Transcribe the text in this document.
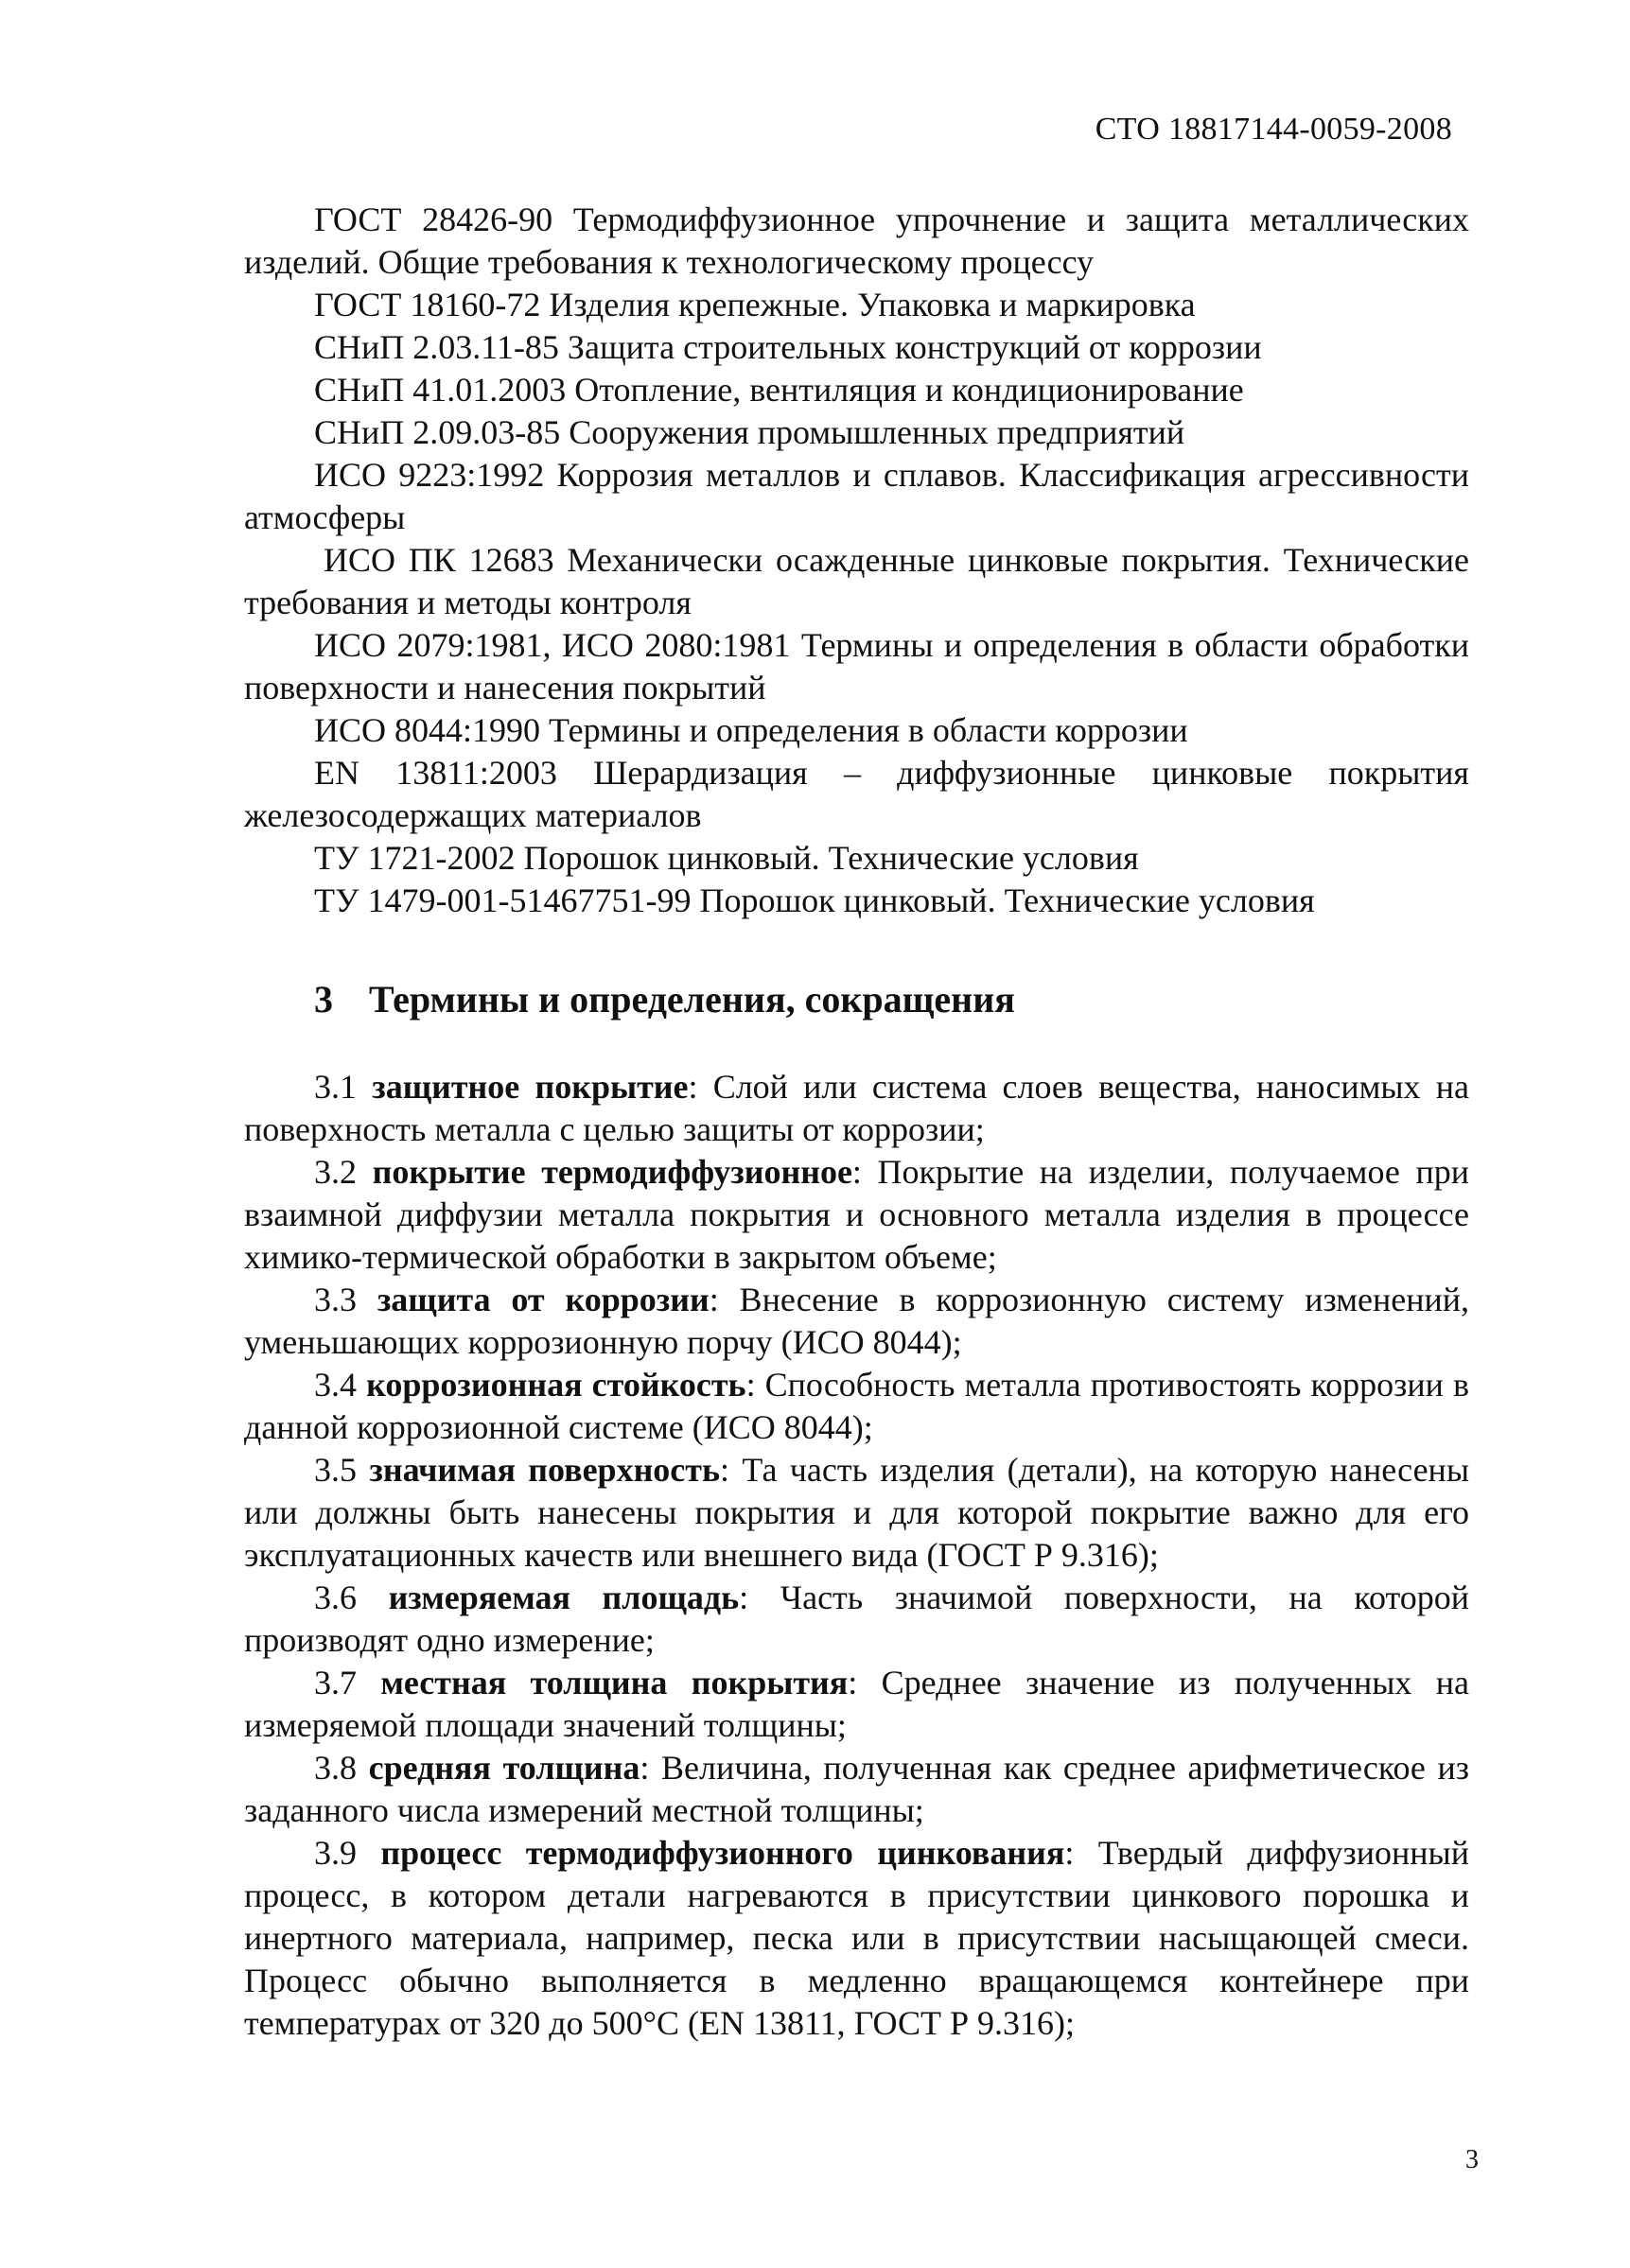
СТО 18817144-0059-2008

ГОСТ 28426-90 Термодиффузионное упрочнение и защита металлических изделий. Общие требования к технологическому процессу

ГОСТ 18160-72 Изделия крепежные. Упаковка и маркировка

СНиП 2.03.11-85 Защита строительных конструкций от коррозии

СНиП 41.01.2003 Отопление, вентиляция и кондиционирование

СНиП 2.09.03-85 Сооружения промышленных предприятий

ИСО 9223:1992 Коррозия металлов и сплавов. Классификация агрессивности атмосферы

ИСО ПК 12683 Механически осажденные цинковые покрытия. Технические требования и методы контроля

ИСО 2079:1981, ИСО 2080:1981 Термины и определения в области обработки поверхности и нанесения покрытий

ИСО 8044:1990 Термины и определения в области коррозии

EN 13811:2003 Шерардизация – диффузионные цинковые покрытия железосодержащих материалов

ТУ 1721-2002 Порошок цинковый. Технические условия

ТУ 1479-001-51467751-99 Порошок цинковый. Технические условия

3 Термины и определения, сокращения

3.1 защитное покрытие: Слой или система слоев вещества, наносимых на поверхность металла с целью защиты от коррозии;

3.2 покрытие термодиффузионное: Покрытие на изделии, получаемое при взаимной диффузии металла покрытия и основного металла изделия в процессе химико-термической обработки в закрытом объеме;

3.3 защита от коррозии: Внесение в коррозионную систему изменений, уменьшающих коррозионную порчу (ИСО 8044);

3.4 коррозионная стойкость: Способность металла противостоять коррозии в данной коррозионной системе (ИСО 8044);

3.5 значимая поверхность: Та часть изделия (детали), на которую нанесены или должны быть нанесены покрытия и для которой покрытие важно для его эксплуатационных качеств или внешнего вида (ГОСТ Р 9.316);

3.6 измеряемая площадь: Часть значимой поверхности, на которой производят одно измерение;

3.7 местная толщина покрытия: Среднее значение из полученных на измеряемой площади значений толщины;

3.8 средняя толщина: Величина, полученная как среднее арифметическое из заданного числа измерений местной толщины;

3.9 процесс термодиффузионного цинкования: Твердый диффузионный процесс, в котором детали нагреваются в присутствии цинкового порошка и инертного материала, например, песка или в присутствии насыщающей смеси. Процесс обычно выполняется в медленно вращающемся контейнере при температурах от 320 до 500°С (EN 13811, ГОСТ Р 9.316);

3
